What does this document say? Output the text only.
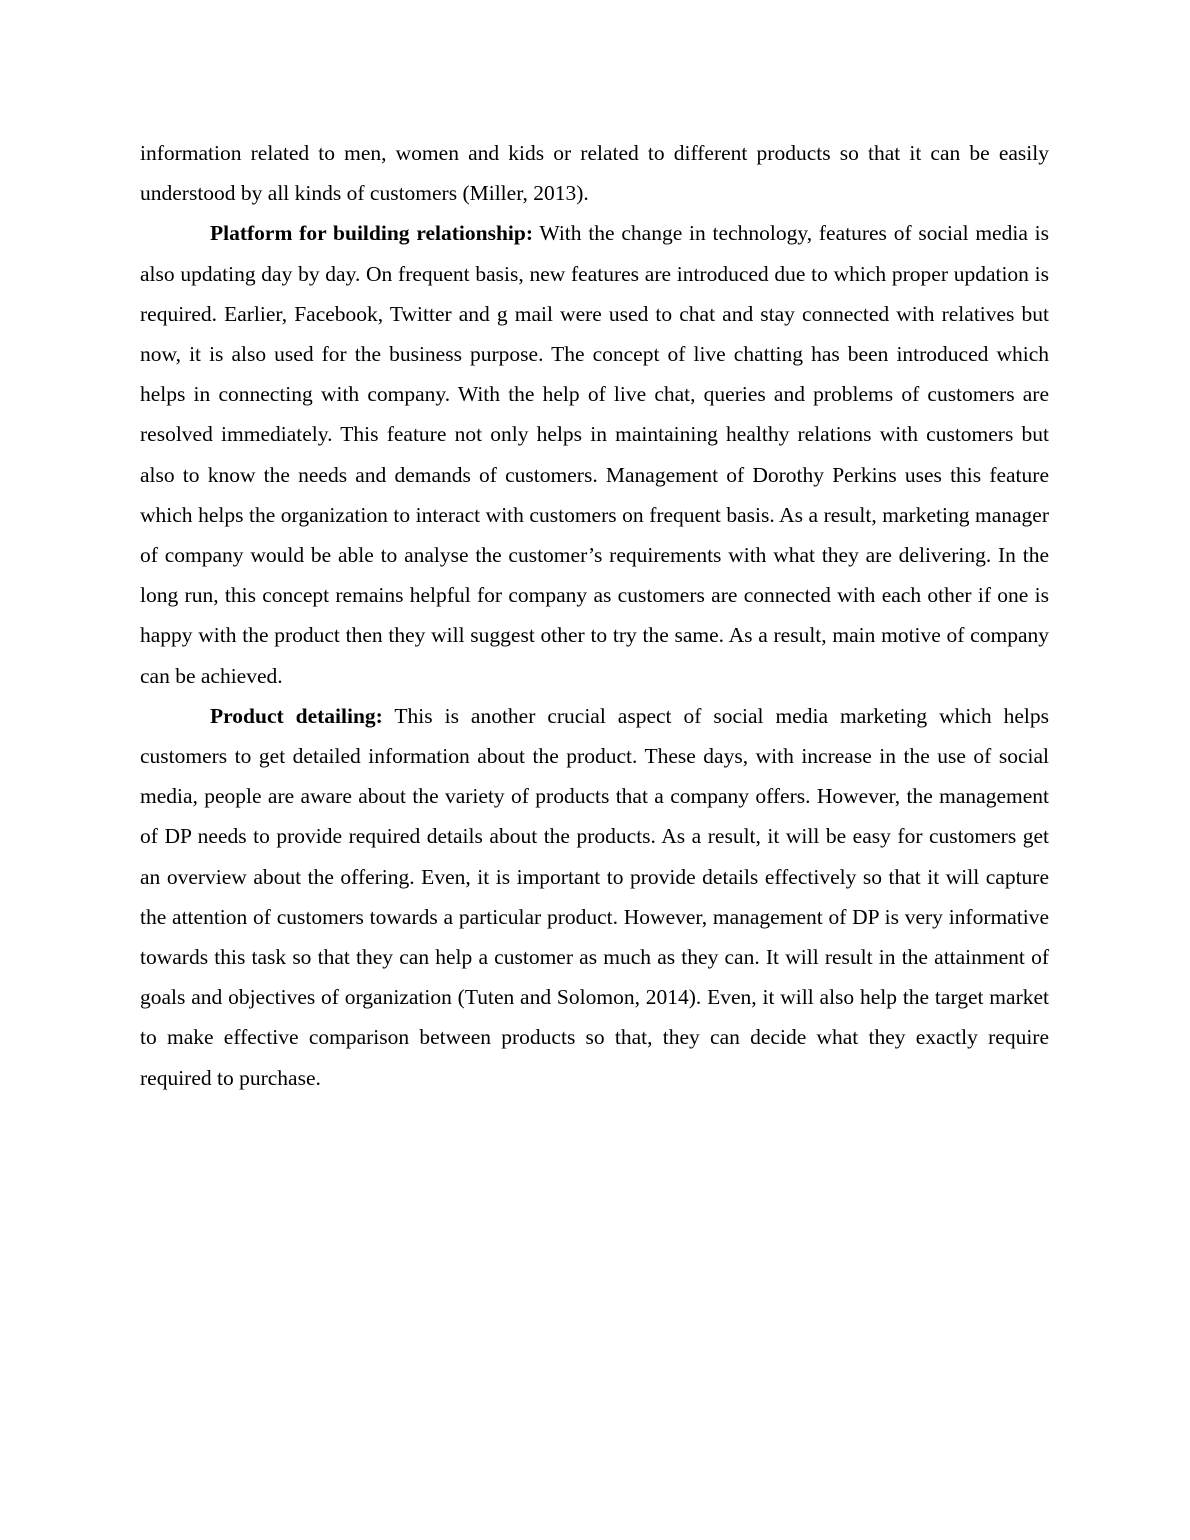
information related to men, women and kids or related to different products so that it can be easily understood by all kinds of customers (Miller, 2013).

Platform for building relationship: With the change in technology, features of social media is also updating day by day. On frequent basis, new features are introduced due to which proper updation is required. Earlier, Facebook, Twitter and g mail were used to chat and stay connected with relatives but now, it is also used for the business purpose. The concept of live chatting has been introduced which helps in connecting with company. With the help of live chat, queries and problems of customers are resolved immediately. This feature not only helps in maintaining healthy relations with customers but also to know the needs and demands of customers. Management of Dorothy Perkins uses this feature which helps the organization to interact with customers on frequent basis. As a result, marketing manager of company would be able to analyse the customer’s requirements with what they are delivering. In the long run, this concept remains helpful for company as customers are connected with each other if one is happy with the product then they will suggest other to try the same. As a result, main motive of company can be achieved.

Product detailing: This is another crucial aspect of social media marketing which helps customers to get detailed information about the product. These days, with increase in the use of social media, people are aware about the variety of products that a company offers. However, the management of DP needs to provide required details about the products. As a result, it will be easy for customers get an overview about the offering. Even, it is important to provide details effectively so that it will capture the attention of customers towards a particular product. However, management of DP is very informative towards this task so that they can help a customer as much as they can. It will result in the attainment of goals and objectives of organization (Tuten and Solomon, 2014). Even, it will also help the target market to make effective comparison between products so that, they can decide what they exactly require required to purchase.
